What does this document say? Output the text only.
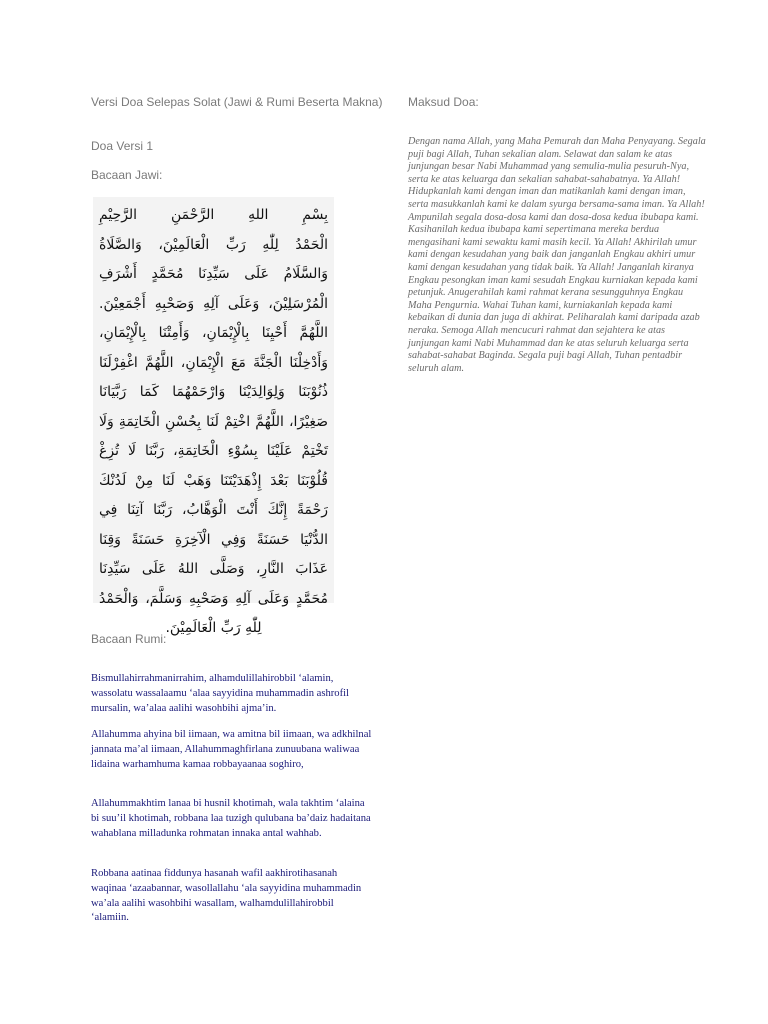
Versi Doa Selepas Solat (Jawi & Rumi Beserta Makna)
Doa Versi 1
Bacaan Jawi:
بِسْمِ اللهِ الرَّحْمَنِ الرَّحِيْمِ
الْحَمْدُ لِلّٰهِ رَبِّ الْعَالَمِيْنَ، وَالصَّلَاةُ
وَالسَّلَامُ عَلَى سَيِّدِنَا مُحَمَّدٍ أَشْرَفِ
الْمُرْسَلِيْنَ، وَعَلَى آلِهِ وَصَحْبِهِ أَجْمَعِيْنَ.
اللَّهُمَّ أَحْيِنَا بِالْإِيْمَانِ، وَأَمِتْنَا بِالْإِيْمَانِ،
وَأَدْخِلْنَا الْجَنَّةَ مَعَ الْإِيْمَانِ، اللَّهُمَّ اغْفِرْلَنَا
ذُنُوْبَنَا وَلِوَالِدَيْنَا وَارْحَمْهُمَا كَمَا رَبَّيَانَا
صَغِيْرًا، اللَّهُمَّ اخْتِمْ لَنَا بِحُسْنِ الْخَاتِمَةِ وَلَا
تَخْتِمْ عَلَيْنَا بِسُوْءِ الْخَاتِمَةِ، رَبَّنَا لَا تُزِغْ
قُلُوْبَنَا بَعْدَ إِذْهَدَيْتَنَا وَهَبْ لَنَا مِنْ لَدُنْكَ
رَحْمَةً إِنَّكَ أَنْتَ الْوَهَّابُ، رَبَّنَا آتِنَا فِي
الدُّنْيَا حَسَنَةً وَفِي الْآخِرَةِ حَسَنَةً وَقِنَا
عَذَابَ النَّارِ، وَصَلَّى اللهُ عَلَى سَيِّدِنَا
مُحَمَّدٍ وَعَلَى آلِهِ وَصَحْبِهِ وَسَلَّمَ، وَالْحَمْدُ
لِلّٰهِ رَبِّ الْعَالَمِيْنَ.
Bacaan Rumi:

Bismullahirrahmanirrahim, alhamdulillahirobbil ‘alamin, wassolatu wassalaamu ‘alaa sayyidina muhammadin ashrofil mursalin, wa’alaa aalihi wasohbihi ajma’in.

Allahumma ahyina bil iimaan, wa amitna bil iimaan, wa adkhilnal jannata ma’al iimaan, Allahummaghfirlana zunuubana waliwaa lidaina warhamhuma kamaa robbayaanaa soghiro,

Allahummakhtim lanaa bi husnil khotimah, wala takhtim ‘alaina bi suu’il khotimah, robbana laa tuzigh qulubana ba’daiz hadaitana wahablana milladunka rohmatan innaka antal wahhab.

Robbana aatinaa fiddunya hasanah wafil aakhirotihasanah waqinaa ‘azaabannar, wasollallahu ‘ala sayyidina muhammadin wa’ala aalihi wasohbihi wasallam, walhamdulillahirobbil ‘alamiin.

Maksud Doa:

Dengan nama Allah, yang Maha Pemurah dan Maha Penyayang. Segala puji bagi Allah, Tuhan sekalian alam. Selawat dan salam ke atas junjungan besar Nabi Muhammad yang semulia-mulia pesuruh-Nya, serta ke atas keluarga dan sekalian sahabat-sahabatnya. Ya Allah! Hidupkanlah kami dengan iman dan matikanlah kami dengan iman, serta masukkanlah kami ke dalam syurga bersama-sama iman. Ya Allah! Ampunilah segala dosa-dosa kami dan dosa-dosa kedua ibubapa kami. Kasihanilah kedua ibubapa kami sepertimana mereka berdua mengasihani kami sewaktu kami masih kecil. Ya Allah! Akhirilah umur kami dengan kesudahan yang baik dan janganlah Engkau akhiri umur kami dengan kesudahan yang tidak baik. Ya Allah! Janganlah kiranya Engkau pesongkan iman kami sesudah Engkau kurniakan kepada kami petunjuk. Anugerahilah kami rahmat kerana sesungguhnya Engkau Maha Pengurnia. Wahai Tuhan kami, kurniakanlah kepada kami kebaikan di dunia dan juga di akhirat. Peliharalah kami daripada azab neraka. Semoga Allah mencucuri rahmat dan sejahtera ke atas junjungan kami Nabi Muhammad dan ke atas seluruh keluarga serta sahabat-sahabat Baginda. Segala puji bagi Allah, Tuhan pentadbir seluruh alam.
